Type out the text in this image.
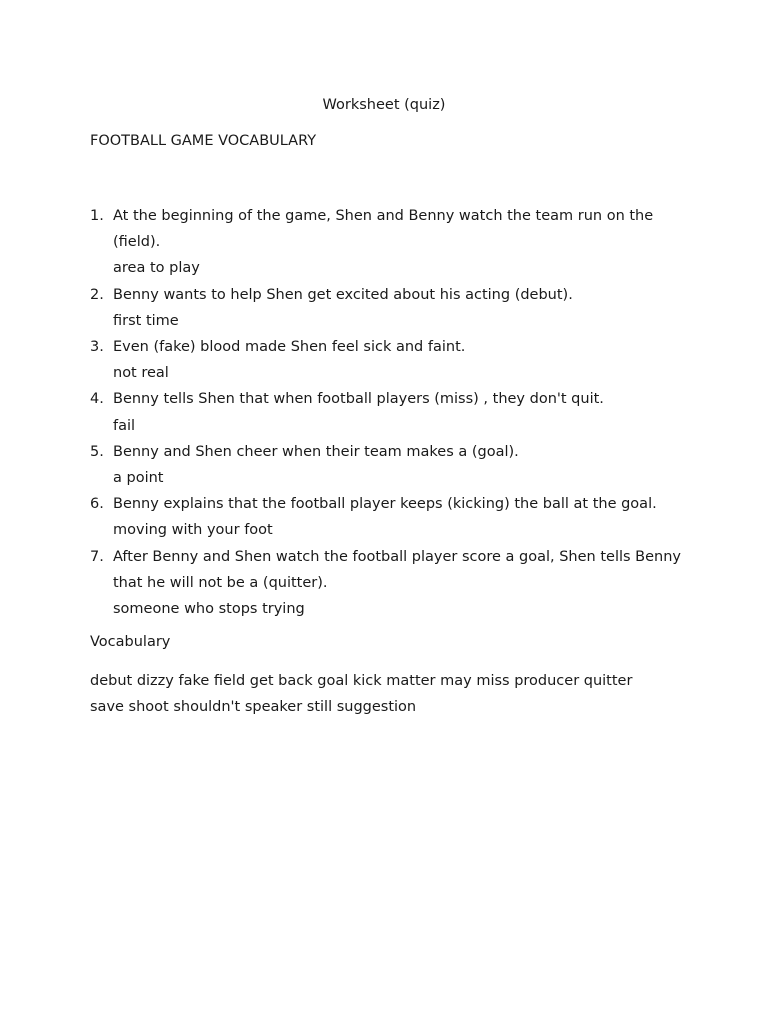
Worksheet (quiz)
FOOTBALL GAME VOCABULARY
1. At the beginning of the game, Shen and Benny watch the team run on the (field).
area to play
2. Benny wants to help Shen get excited about his acting (debut).
first time
3. Even (fake) blood made Shen feel sick and faint.
not real
4. Benny tells Shen that when football players (miss) , they don't quit.
fail
5. Benny and Shen cheer when their team makes a (goal).
a point
6. Benny explains that the football player keeps (kicking) the ball at the goal.
moving with your foot
7. After Benny and Shen watch the football player score a goal, Shen tells Benny that he will not be a (quitter).
someone who stops trying

Vocabulary

debut dizzy fake field get back goal kick matter may miss producer quitter save shoot shouldn't speaker still suggestion
